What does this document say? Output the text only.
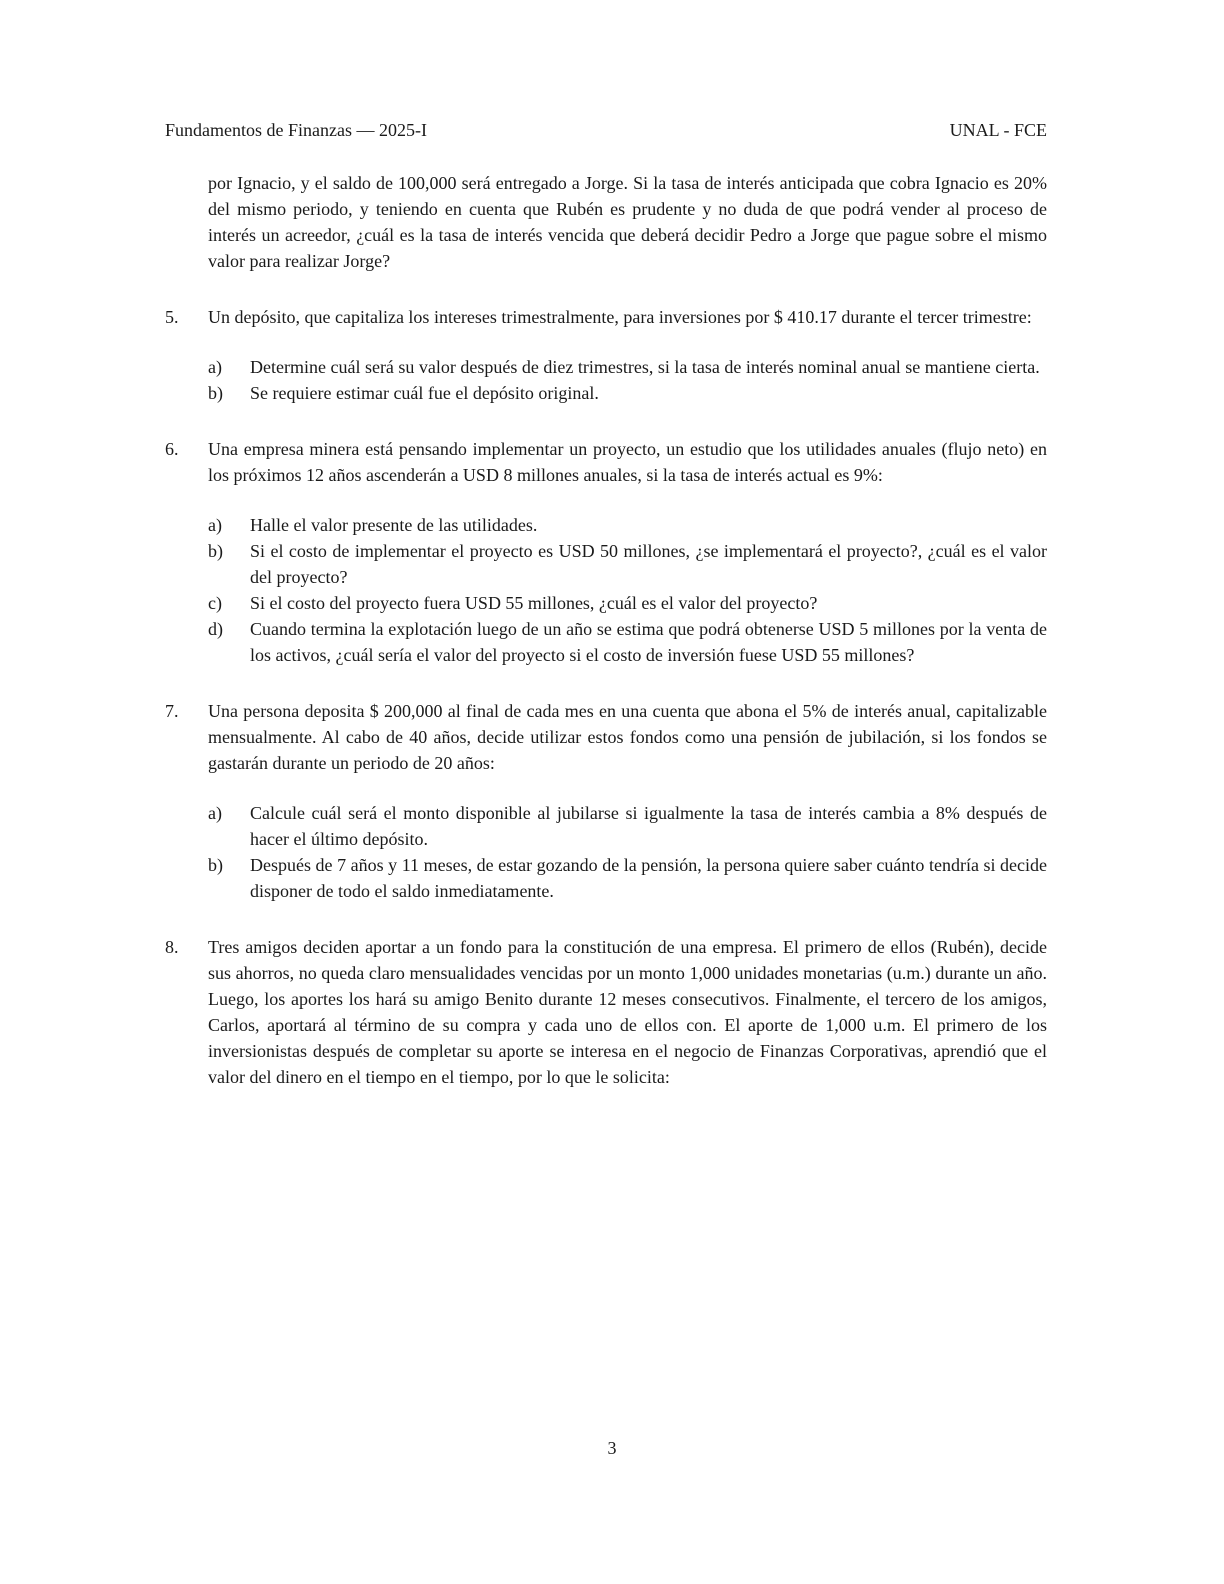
Fundamentos de Finanzas — 2025-I	UNAL - FCE
por Ignacio, y el saldo de 100,000 será entregado a Jorge. Si la tasa de interés anticipada que cobra Ignacio es 20% del mismo periodo, y teniendo en cuenta que Rubén es prudente y no duda de que podrá vender al proceso de interés un acreedor, ¿cuál es la tasa de interés vencida que deberá decidir Pedro a Jorge que pague sobre el mismo valor para realizar Jorge?
5.	Un depósito, que capitaliza los intereses trimestralmente, para inversiones por $ 410.17 durante el tercer trimestre:
a) Determine cuál será su valor después de diez trimestres, si la tasa de interés nominal anual se mantiene cierta.
b) Se requiere estimar cuál fue el depósito original.
6.	Una empresa minera está pensando implementar un proyecto, un estudio que los utilidades anuales (flujo neto) en los próximos 12 años ascenderán a USD 8 millones anuales, si la tasa de interés actual es 9%:
a) Halle el valor presente de las utilidades.
b) Si el costo de implementar el proyecto es USD 50 millones, ¿se implementará el proyecto?, ¿cuál es el valor del proyecto?
c) Si el costo del proyecto fuera USD 55 millones, ¿cuál es el valor del proyecto?
d) Cuando termina la explotación luego de un año se estima que podrá obtenerse USD 5 millones por la venta de los activos, ¿cuál sería el valor del proyecto si el costo de inversión fuese USD 55 millones?
7.	Una persona deposita $ 200,000 al final de cada mes en una cuenta que abona el 5% de interés anual, capitalizable mensualmente. Al cabo de 40 años, decide utilizar estos fondos como una pensión de jubilación, si los fondos se gastarán durante un periodo de 20 años:
a) Calcule cuál será el monto disponible al jubilarse si igualmente la tasa de interés cambia a 8% después de hacer el último depósito.
b) Después de 7 años y 11 meses, de estar gozando de la pensión, la persona quiere saber cuánto tendría si decide disponer de todo el saldo inmediatamente.
8.	Tres amigos deciden aportar a un fondo para la constitución de una empresa. El primero de ellos (Rubén), decide sus ahorros, no queda claro mensualidades vencidas por un monto 1,000 unidades monetarias (u.m.) durante un año. Luego, los aportes los hará su amigo Benito durante 12 meses consecutivos. Finalmente, el tercero de los amigos, Carlos, aportará al término de su compra y cada uno de ellos con. El aporte de 1,000 u.m. El primero de los inversionistas después de completar su aporte se interesa en el negocio de Finanzas Corporativas, aprendió que el valor del dinero en el tiempo en el tiempo, por lo que le solicita:
3
